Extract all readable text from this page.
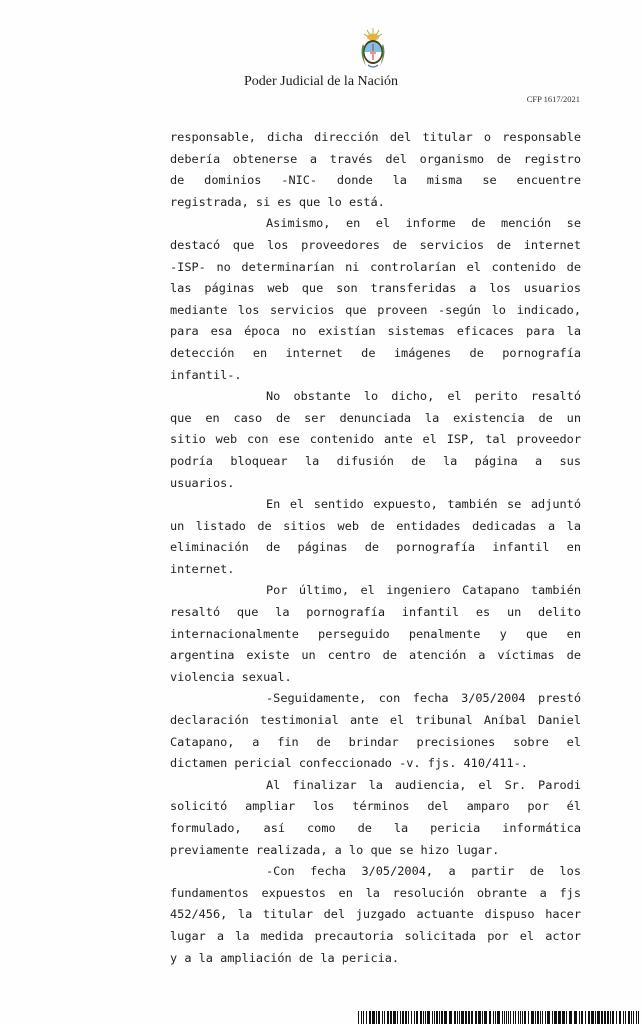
Poder Judicial de la Nación
CFP 1617/2021
responsable, dicha dirección del titular o responsable
debería obtenerse a través del organismo de registro
de dominios -NIC- donde la misma se encuentre
registrada, si es que lo está.
Asimismo, en el informe de mención se
destacó que los proveedores de servicios de internet
-ISP- no determinarían ni controlarían el contenido de
las páginas web que son transferidas a los usuarios
mediante los servicios que proveen -según lo indicado,
para esa época no existían sistemas eficaces para la
detección en internet de imágenes de pornografía
infantil-.
No obstante lo dicho, el perito resaltó
que en caso de ser denunciada la existencia de un
sitio web con ese contenido ante el ISP, tal proveedor
podría bloquear la difusión de la página a sus
usuarios.
En el sentido expuesto, también se adjuntó
un listado de sitios web de entidades dedicadas a la
eliminación de páginas de pornografía infantil en
internet.
Por último, el ingeniero Catapano también
resaltó que la pornografía infantil es un delito
internacionalmente perseguido penalmente y que en
argentina existe un centro de atención a víctimas de
violencia sexual.
-Seguidamente, con fecha 3/05/2004 prestó
declaración testimonial ante el tribunal Aníbal Daniel
Catapano, a fin de brindar precisiones sobre el
dictamen pericial confeccionado -v. fjs. 410/411-.
Al finalizar la audiencia, el Sr. Parodi
solicitó ampliar los términos del amparo por él
formulado, así como de la pericia informática
previamente realizada, a lo que se hizo lugar.
-Con fecha 3/05/2004, a partir de los
fundamentos expuestos en la resolución obrante a fjs
452/456, la titular del juzgado actuante dispuso hacer
lugar a la medida precautoria solicitada por el actor
y a la ampliación de la pericia.
